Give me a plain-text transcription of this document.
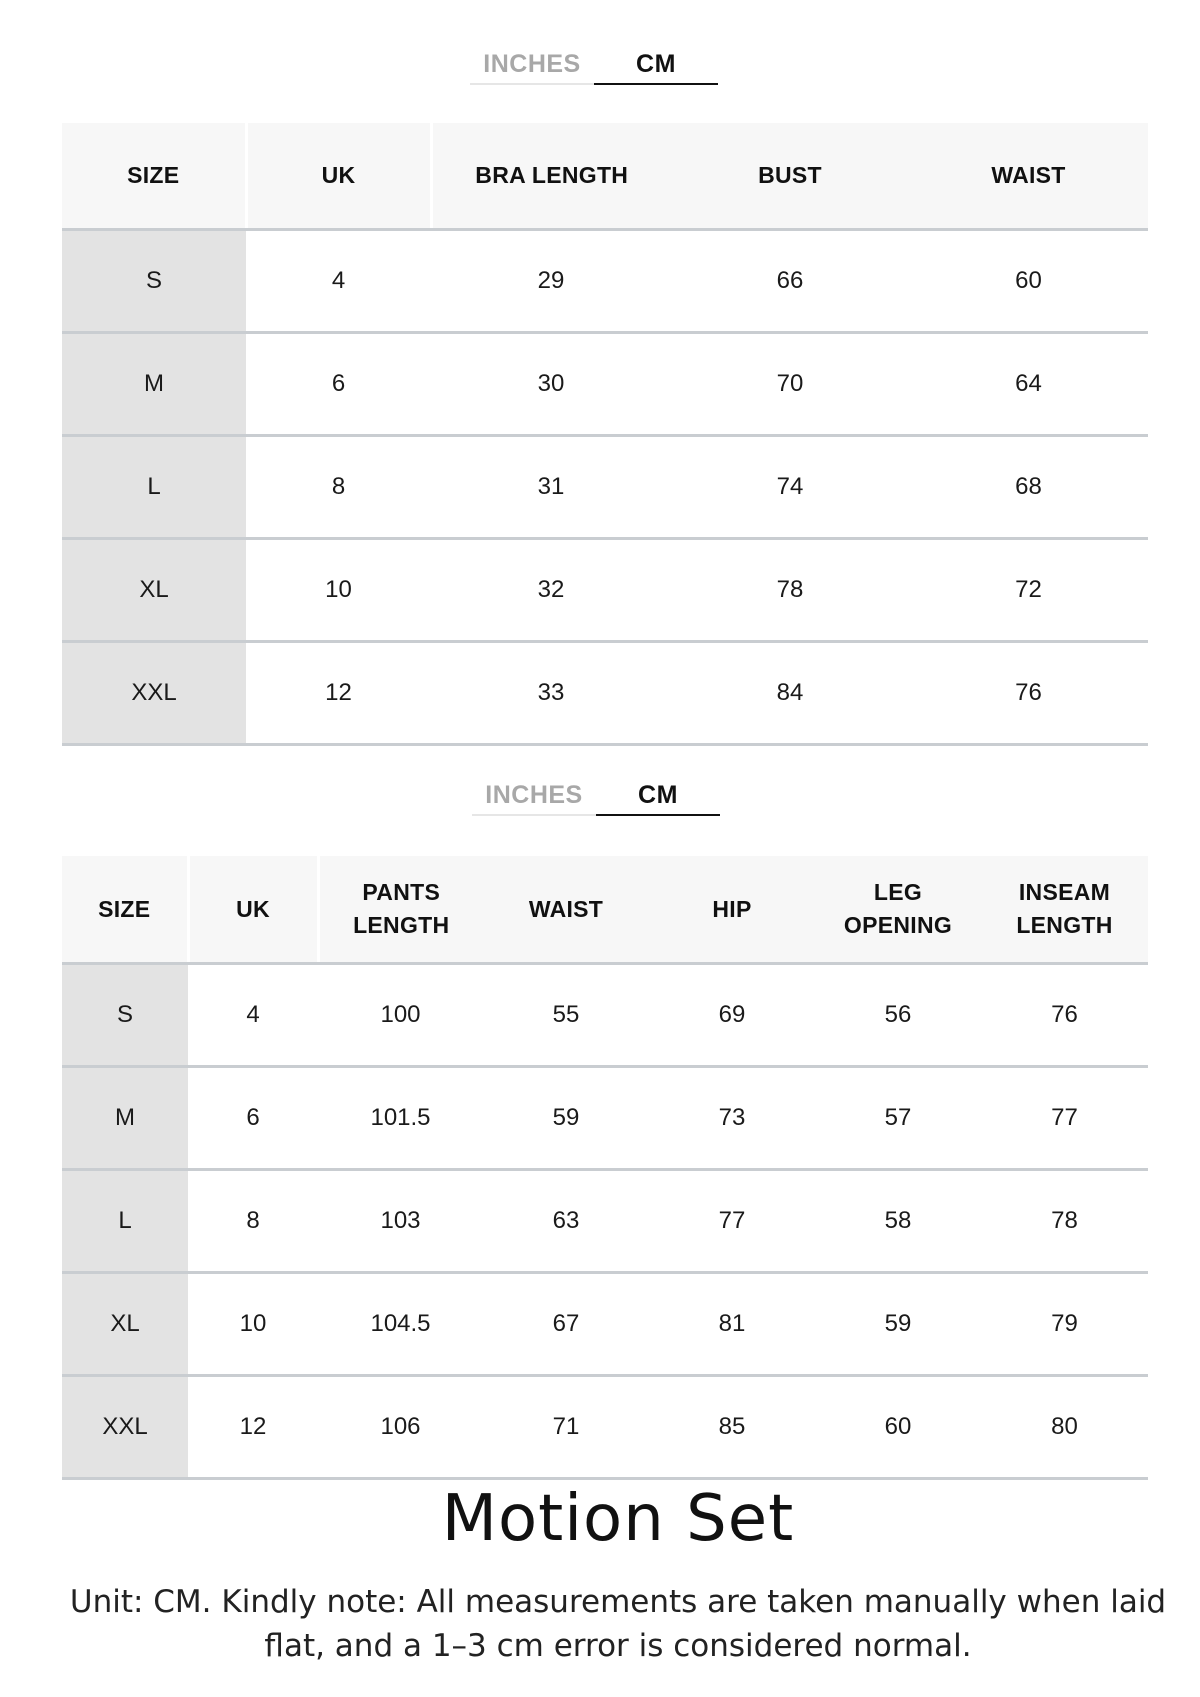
INCHES	CM
SIZE	UK	BRA LENGTH	BUST	WAIST
S	4	29	66	60
M	6	30	70	64
L	8	31	74	68
XL	10	32	78	72
XXL	12	33	84	76
INCHES	CM
SIZE	UK	PANTS LENGTH	WAIST	HIP	LEG OPENING	INSEAM LENGTH
S	4	100	55	69	56	76
M	6	101.5	59	73	57	77
L	8	103	63	77	58	78
XL	10	104.5	67	81	59	79
XXL	12	106	71	85	60	80
Motion Set
Unit: CM. Kindly note: All measurements are taken manually when laid flat, and a 1–3 cm error is considered normal.
